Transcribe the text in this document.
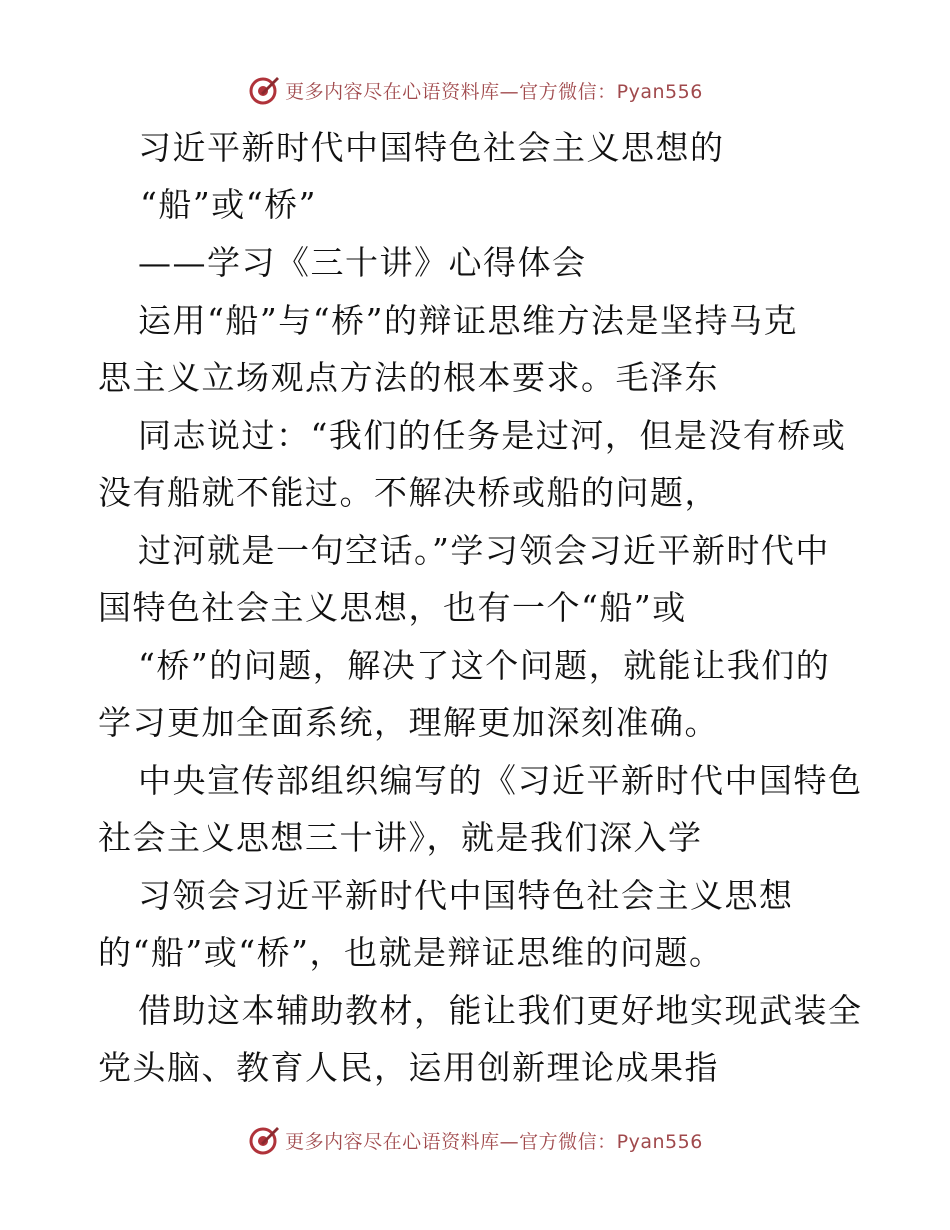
更多内容尽在心语资料库—官方微信：Pyan556
习近平新时代中国特色社会主义思想的
“船”或“桥”
——学习《三十讲》心得体会
运用“船”与“桥”的辩证思维方法是坚持马克
思主义立场观点方法的根本要求。毛泽东
同志说过：“我们的任务是过河，但是没有桥或
没有船就不能过。不解决桥或船的问题，
过河就是一句空话。”学习领会习近平新时代中
国特色社会主义思想，也有一个“船”或
“桥”的问题，解决了这个问题，就能让我们的
学习更加全面系统，理解更加深刻准确。
中央宣传部组织编写的《习近平新时代中国特色
社会主义思想三十讲》，就是我们深入学
习领会习近平新时代中国特色社会主义思想
的“船”或“桥”，也就是辩证思维的问题。
借助这本辅助教材，能让我们更好地实现武装全
党头脑、教育人民，运用创新理论成果指
更多内容尽在心语资料库—官方微信：Pyan556
